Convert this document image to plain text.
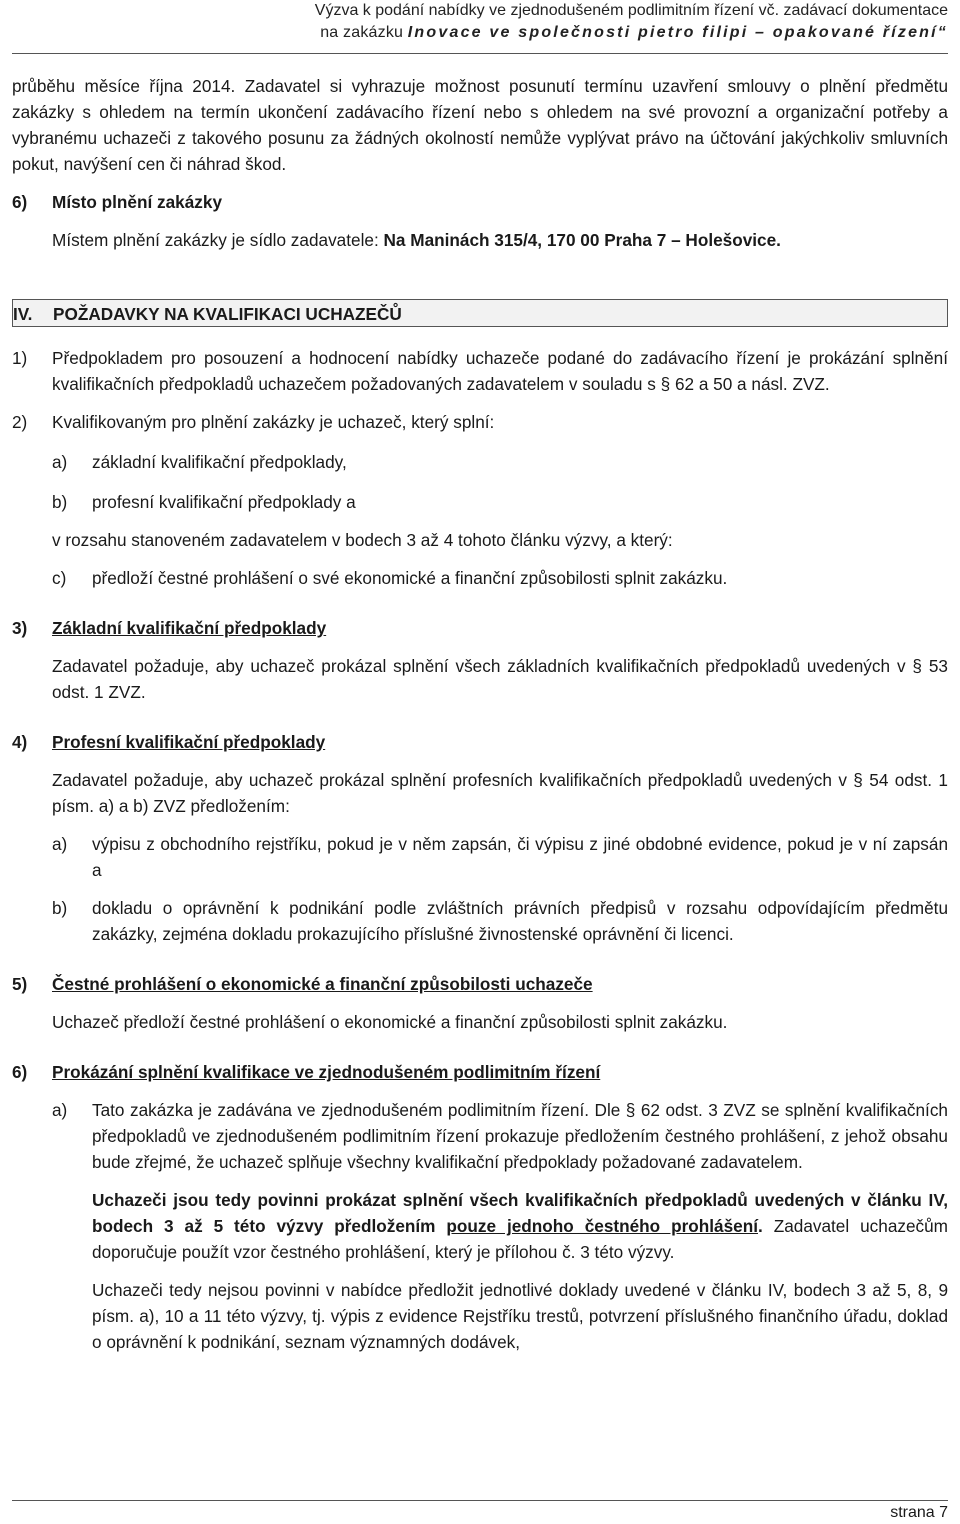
Výzva k podání nabídky ve zjednodušeném podlimitním řízení vč. zadávací dokumentace
na zakázku Inovace ve společnosti pietro filipi – opakované řízení“

průběhu měsíce října 2014. Zadavatel si vyhrazuje možnost posunutí termínu uzavření smlouvy o plnění předmětu zakázky s ohledem na termín ukončení zadávacího řízení nebo s ohledem na své provozní a organizační potřeby a vybranému uchazeči z takového posunu za žádných okolností nemůže vyplývat právo na účtování jakýchkoliv smluvních pokut, navýšení cen či náhrad škod.

6)	Místo plnění zakázky

Místem plnění zakázky je sídlo zadavatele: Na Maninách 315/4, 170 00 Praha 7 – Holešovice.

IV.	POŽADAVKY NA KVALIFIKACI UCHAZEČŮ
1)	Předpokladem pro posouzení a hodnocení nabídky uchazeče podané do zadávacího řízení je prokázání splnění kvalifikačních předpokladů uchazečem požadovaných zadavatelem v souladu s § 62 a 50 a násl. ZVZ.
2)	Kvalifikovaným pro plnění zakázky je uchazeč, který splní:
a)	základní kvalifikační předpoklady,
b)	profesní kvalifikační předpoklady a

v rozsahu stanoveném zadavatelem v bodech 3 až 4 tohoto článku výzvy, a který:

c)	předloží čestné prohlášení o své ekonomické a finanční způsobilosti splnit zakázku.
3)	Základní kvalifikační předpoklady

Zadavatel požaduje, aby uchazeč prokázal splnění všech základních kvalifikačních předpokladů uvedených v § 53 odst. 1 ZVZ.

4)	Profesní kvalifikační předpoklady

Zadavatel požaduje, aby uchazeč prokázal splnění profesních kvalifikačních předpokladů uvedených v § 54 odst. 1 písm. a) a b) ZVZ předložením:

a)	výpisu z obchodního rejstříku, pokud je v něm zapsán, či výpisu z jiné obdobné evidence, pokud je v ní zapsán a
b)	dokladu o oprávnění k podnikání podle zvláštních právních předpisů v rozsahu odpovídajícím předmětu zakázky, zejména dokladu prokazujícího příslušné živnostenské oprávnění či licenci.
5)	Čestné prohlášení o ekonomické a finanční způsobilosti uchazeče

Uchazeč předloží čestné prohlášení o ekonomické a finanční způsobilosti splnit zakázku.

6)	Prokázání splnění kvalifikace ve zjednodušeném podlimitním řízení
a)	Tato zakázka je zadávána ve zjednodušeném podlimitním řízení. Dle § 62 odst. 3 ZVZ se splnění kvalifikačních předpokladů ve zjednodušeném podlimitním řízení prokazuje předložením čestného prohlášení, z jehož obsahu bude zřejmé, že uchazeč splňuje všechny kvalifikační předpoklady požadované zadavatelem.

Uchazeči jsou tedy povinni prokázat splnění všech kvalifikačních předpokladů uvedených v článku IV, bodech 3 až 5 této výzvy předložením pouze jednoho čestného prohlášení. Zadavatel uchazečům doporučuje použít vzor čestného prohlášení, který je přílohou č. 3 této výzvy.

Uchazeči tedy nejsou povinni v nabídce předložit jednotlivé doklady uvedené v článku IV, bodech 3 až 5, 8, 9 písm. a), 10 a 11 této výzvy, tj. výpis z evidence Rejstříku trestů, potvrzení příslušného finančního úřadu, doklad o oprávnění k podnikání, seznam významných dodávek,

strana 7
